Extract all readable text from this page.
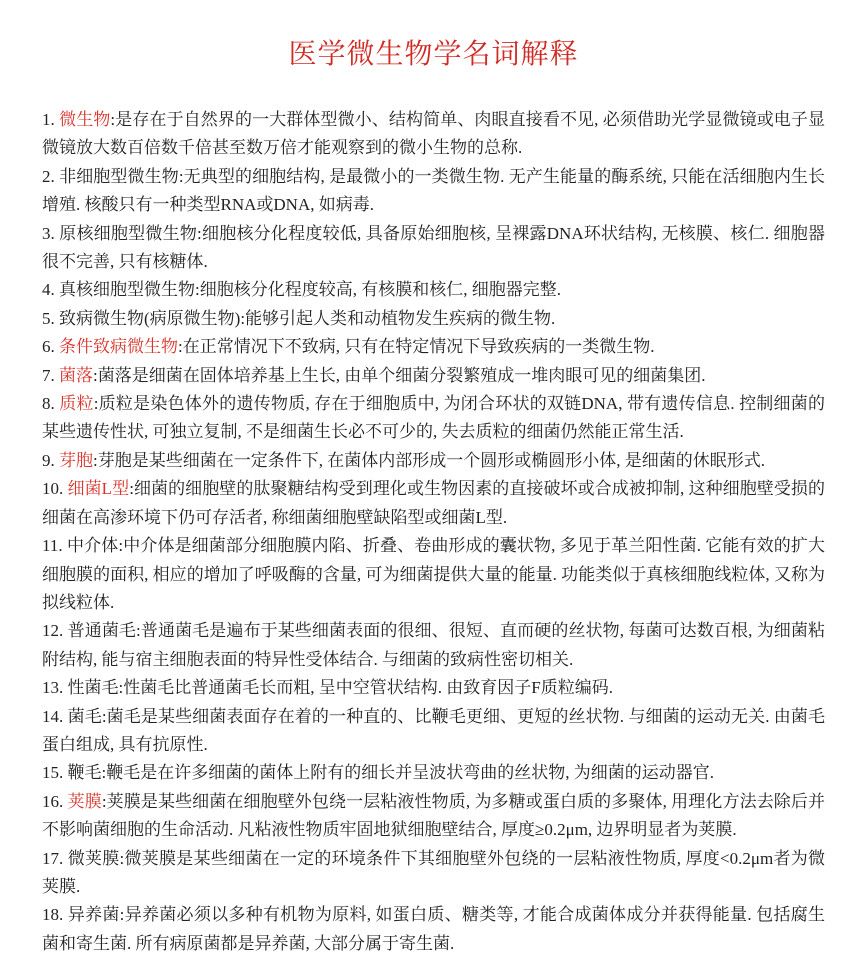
医学微生物学名词解释

1. 微生物:是存在于自然界的一大群体型微小、结构简单、肉眼直接看不见, 必须借助光学显微镜或电子显微镜放大数百倍数千倍甚至数万倍才能观察到的微小生物的总称.

2. 非细胞型微生物:无典型的细胞结构, 是最微小的一类微生物. 无产生能量的酶系统, 只能在活细胞内生长增殖. 核酸只有一种类型RNA或DNA, 如病毒.

3. 原核细胞型微生物:细胞核分化程度较低, 具备原始细胞核, 呈裸露DNA环状结构, 无核膜、核仁. 细胞器很不完善, 只有核糖体.

4. 真核细胞型微生物:细胞核分化程度较高, 有核膜和核仁, 细胞器完整.

5. 致病微生物(病原微生物):能够引起人类和动植物发生疾病的微生物.

6. 条件致病微生物:在正常情况下不致病, 只有在特定情况下导致疾病的一类微生物.

7. 菌落:菌落是细菌在固体培养基上生长, 由单个细菌分裂繁殖成一堆肉眼可见的细菌集团.

8. 质粒:质粒是染色体外的遗传物质, 存在于细胞质中, 为闭合环状的双链DNA, 带有遗传信息. 控制细菌的某些遗传性状, 可独立复制, 不是细菌生长必不可少的, 失去质粒的细菌仍然能正常生活.

9. 芽胞:芽胞是某些细菌在一定条件下, 在菌体内部形成一个圆形或椭圆形小体, 是细菌的休眠形式.

10. 细菌L型:细菌的细胞壁的肽聚糖结构受到理化或生物因素的直接破坏或合成被抑制, 这种细胞壁受损的细菌在高渗环境下仍可存活者, 称细菌细胞壁缺陷型或细菌L型.

11. 中介体:中介体是细菌部分细胞膜内陷、折叠、卷曲形成的囊状物, 多见于革兰阳性菌. 它能有效的扩大细胞膜的面积, 相应的增加了呼吸酶的含量, 可为细菌提供大量的能量. 功能类似于真核细胞线粒体, 又称为拟线粒体.

12. 普通菌毛:普通菌毛是遍布于某些细菌表面的很细、很短、直而硬的丝状物, 每菌可达数百根, 为细菌粘附结构, 能与宿主细胞表面的特异性受体结合. 与细菌的致病性密切相关.

13. 性菌毛:性菌毛比普通菌毛长而粗, 呈中空管状结构. 由致育因子F质粒编码.

14. 菌毛:菌毛是某些细菌表面存在着的一种直的、比鞭毛更细、更短的丝状物. 与细菌的运动无关. 由菌毛蛋白组成, 具有抗原性.

15. 鞭毛:鞭毛是在许多细菌的菌体上附有的细长并呈波状弯曲的丝状物, 为细菌的运动器官.

16. 荚膜:荚膜是某些细菌在细胞壁外包绕一层粘液性物质, 为多糖或蛋白质的多聚体, 用理化方法去除后并不影响菌细胞的生命活动. 凡粘液性物质牢固地狱细胞壁结合, 厚度≥0.2μm, 边界明显者为荚膜.

17. 微荚膜:微荚膜是某些细菌在一定的环境条件下其细胞壁外包绕的一层粘液性物质, 厚度<0.2μm者为微荚膜.

18. 异养菌:异养菌必须以多种有机物为原料, 如蛋白质、糖类等, 才能合成菌体成分并获得能量. 包括腐生菌和寄生菌. 所有病原菌都是异养菌, 大部分属于寄生菌.
